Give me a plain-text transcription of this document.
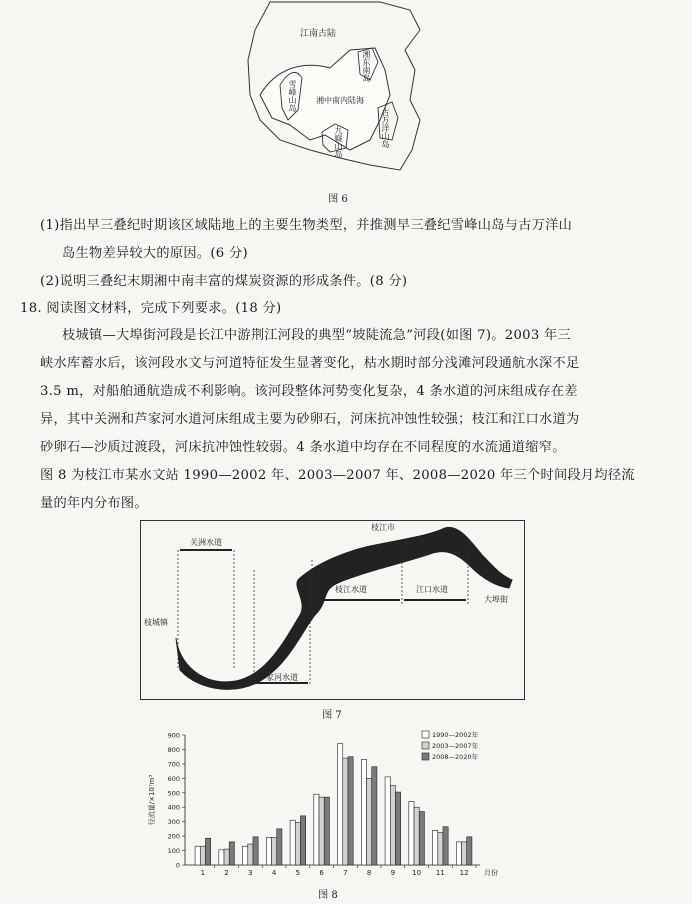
江南古陆
湘中南内陆海
雪峰山岛
九嶷山岛	古万洋山岛
湘东南岛
图 6
(1)指出早三叠纪时期该区域陆地上的主要生物类型，并推测早三叠纪雪峰山岛与古万洋山
岛生物差异较大的原因。(6 分)
(2)说明三叠纪末期湘中南丰富的煤炭资源的形成条件。(8 分)
18. 阅读图文材料，完成下列要求。(18 分)
枝城镇—大埠街河段是长江中游荆江河段的典型“坡陡流急”河段(如图 7)。2003 年三
峡水库蓄水后，该河段水文与河道特征发生显著变化，枯水期时部分浅滩河段通航水深不足
3.5 m，对船舶通航造成不利影响。该河段整体河势变化复杂，4 条水道的河床组成存在差
异，其中关洲和芦家河水道河床组成主要为砂卵石，河床抗冲蚀性较强；枝江和江口水道为
砂卵石—沙质过渡段，河床抗冲蚀性较弱。4 条水道中均存在不同程度的水流通道缩窄。
图 8 为枝江市某水文站 1990—2002 年、2003—2007 年、2008—2020 年三个时间段月均径流
量的年内分布图。
关洲水道
枝城镇
芦家河水道
枝江市
枝江水道	江口水道
大埠街
图 7
0
100
200
300
400
500
600
700
800
900
径流量/×10⁷m³
1	2	3	4	5	6	7	8	9 10 11 12 月份
1990—2002年
2003—2007年
2008—2020年
图 8
